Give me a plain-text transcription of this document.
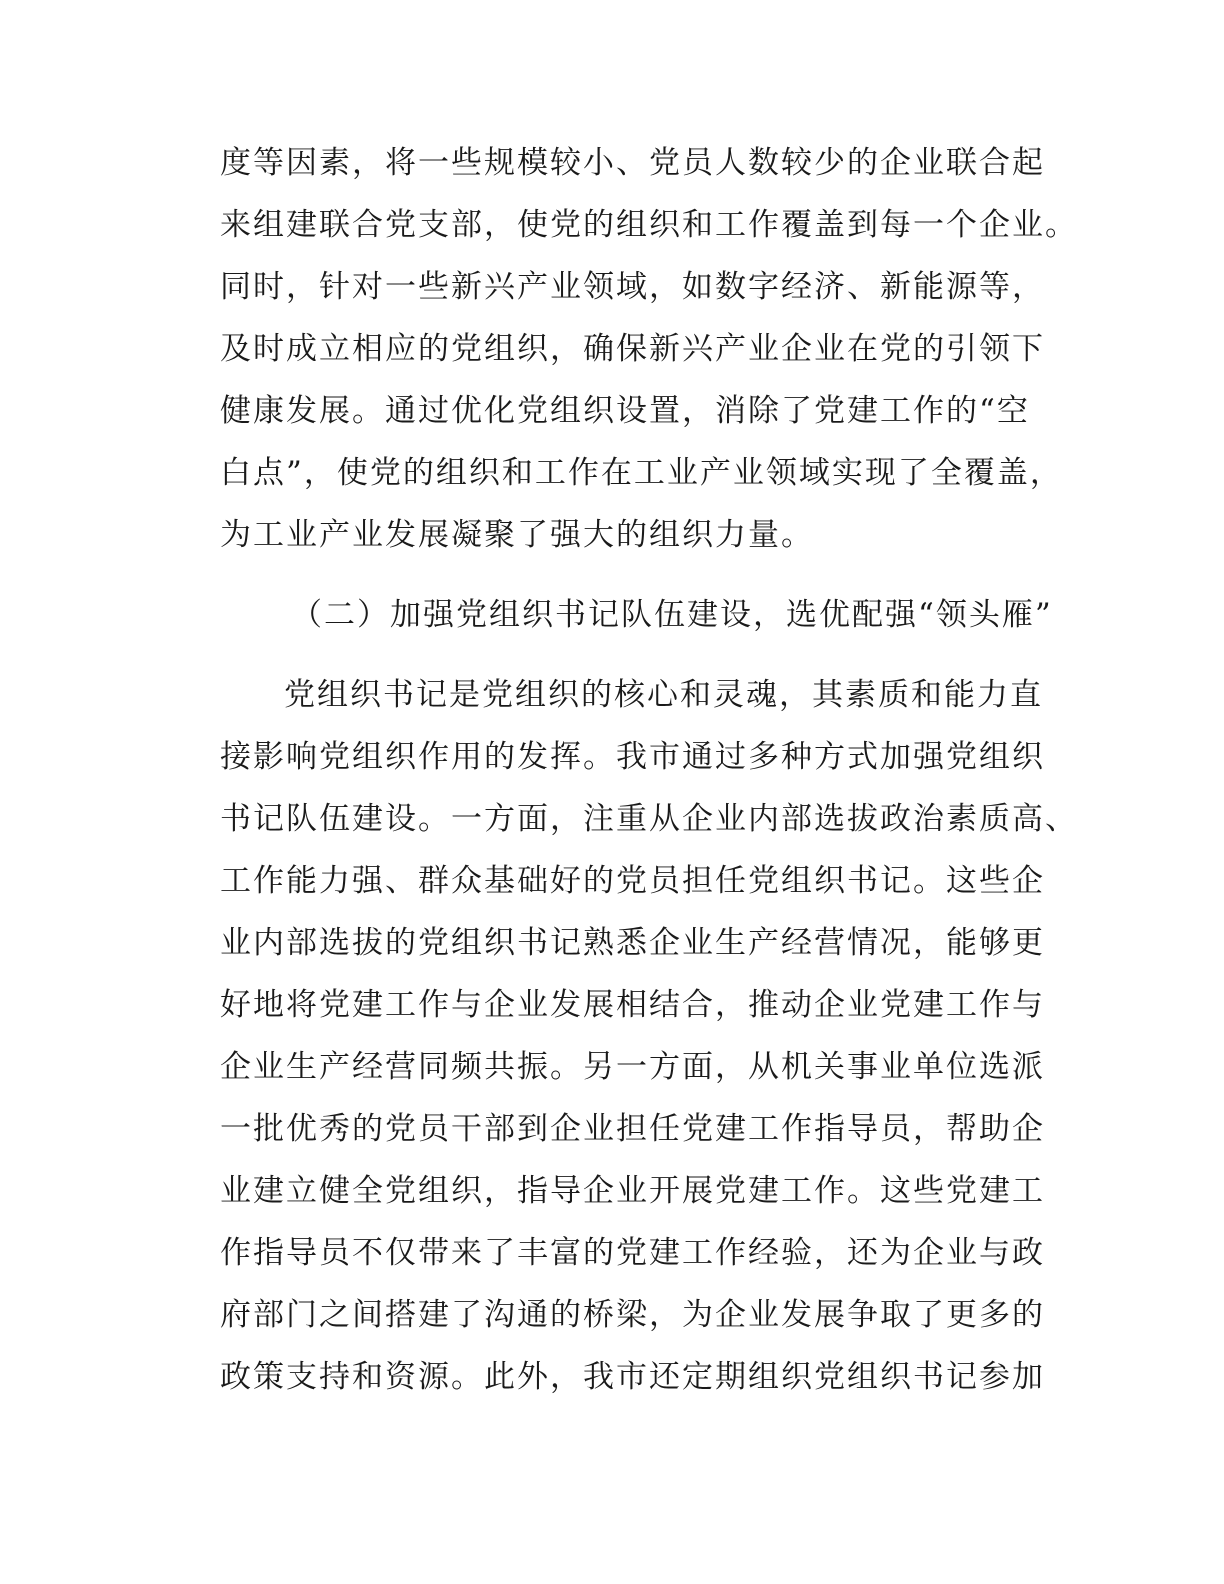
度等因素，将一些规模较小、党员人数较少的企业联合起
来组建联合党支部，使党的组织和工作覆盖到每一个企业。
同时，针对一些新兴产业领域，如数字经济、新能源等，
及时成立相应的党组织，确保新兴产业企业在党的引领下
健康发展。通过优化党组织设置，消除了党建工作的“空
白点”，使党的组织和工作在工业产业领域实现了全覆盖，
为工业产业发展凝聚了强大的组织力量。
（二）加强党组织书记队伍建设，选优配强“领头雁”
党组织书记是党组织的核心和灵魂，其素质和能力直
接影响党组织作用的发挥。我市通过多种方式加强党组织
书记队伍建设。一方面，注重从企业内部选拔政治素质高、
工作能力强、群众基础好的党员担任党组织书记。这些企
业内部选拔的党组织书记熟悉企业生产经营情况，能够更
好地将党建工作与企业发展相结合，推动企业党建工作与
企业生产经营同频共振。另一方面，从机关事业单位选派
一批优秀的党员干部到企业担任党建工作指导员，帮助企
业建立健全党组织，指导企业开展党建工作。这些党建工
作指导员不仅带来了丰富的党建工作经验，还为企业与政
府部门之间搭建了沟通的桥梁，为企业发展争取了更多的
政策支持和资源。此外，我市还定期组织党组织书记参加
